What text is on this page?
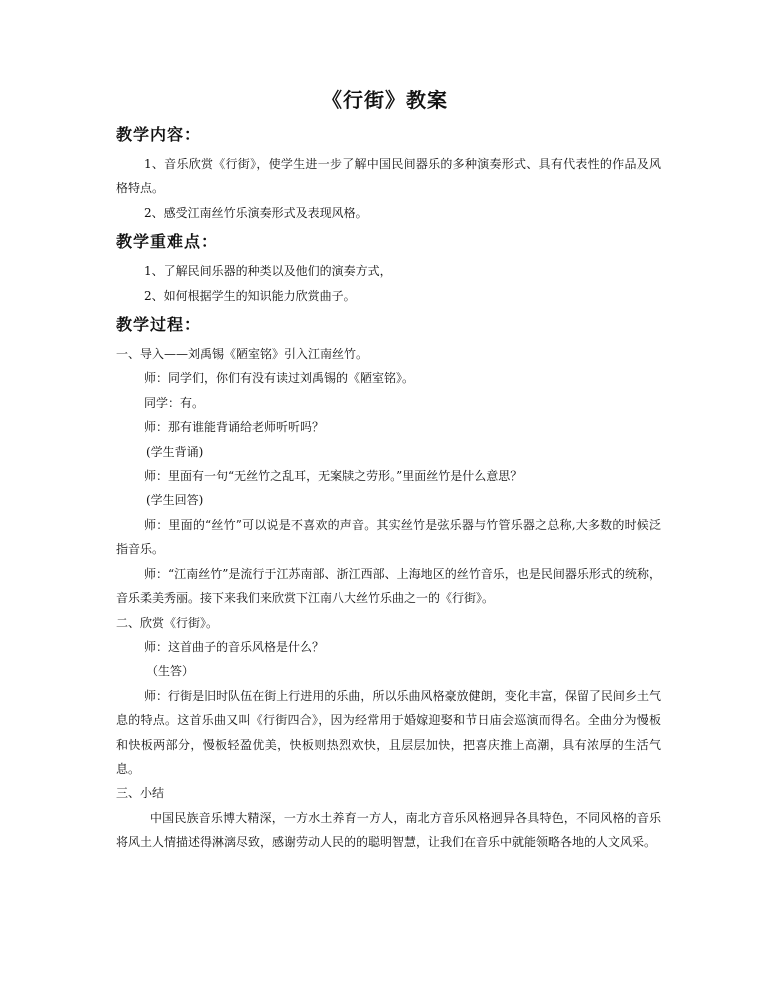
《行街》教案
教学内容：

1、音乐欣赏《行街》，使学生进一步了解中国民间器乐的多种演奏形式、具有代表性的作品及风格特点。

2、感受江南丝竹乐演奏形式及表现风格。

教学重难点：

1、了解民间乐器的种类以及他们的演奏方式，

2、如何根据学生的知识能力欣赏曲子。

教学过程：

一、导入——刘禹锡《陋室铭》引入江南丝竹。

师：同学们，你们有没有读过刘禹锡的《陋室铭》。

同学：有。

师：那有谁能背诵给老师听听吗？

(学生背诵)

师：里面有一句“无丝竹之乱耳，无案牍之劳形。”里面丝竹是什么意思？

(学生回答)

师：里面的“丝竹”可以说是不喜欢的声音。其实丝竹是弦乐器与竹管乐器之总称,大多数的时候泛指音乐。

师：“江南丝竹”是流行于江苏南部、浙江西部、上海地区的丝竹音乐，也是民间器乐形式的统称，音乐柔美秀丽。接下来我们来欣赏下江南八大丝竹乐曲之一的《行街》。

二、欣赏《行街》。

师：这首曲子的音乐风格是什么？

（生答）

师：行街是旧时队伍在街上行进用的乐曲，所以乐曲风格豪放健朗，变化丰富，保留了民间乡土气息的特点。这首乐曲又叫《行街四合》，因为经常用于婚嫁迎娶和节日庙会巡演而得名。全曲分为慢板和快板两部分，慢板轻盈优美，快板则热烈欢快，且层层加快，把喜庆推上高潮，具有浓厚的生活气息。

三、小结

中国民族音乐博大精深，一方水土养育一方人，南北方音乐风格迥异各具特色，不同风格的音乐将风土人情描述得淋漓尽致，感谢劳动人民的的聪明智慧，让我们在音乐中就能领略各地的人文风采。
